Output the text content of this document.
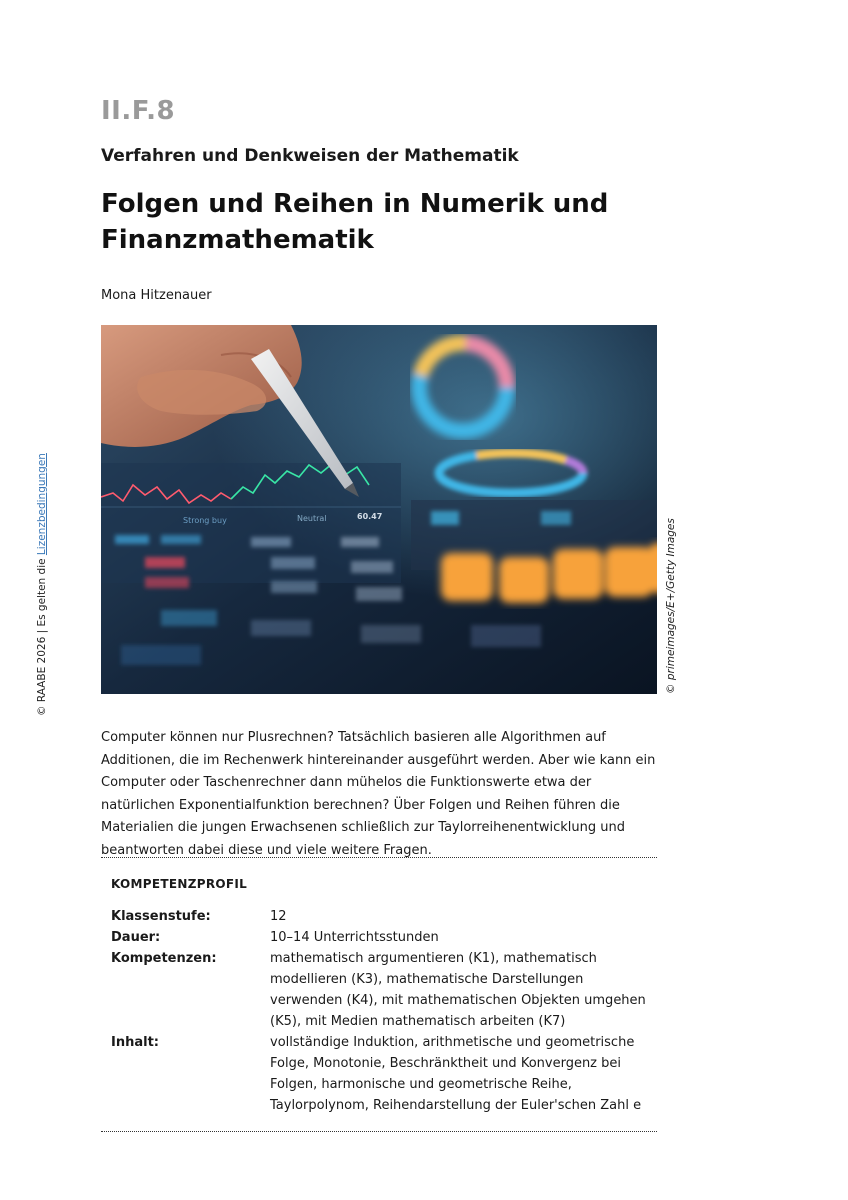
II.F.8
Verfahren und Denkweisen der Mathematik
Folgen und Reihen in Numerik und
Finanzmathematik
Mona Hitzenauer
Strong buy	Neutral	60.47
© primeimages/E+/Getty Images
© RAABE 2026 | Es gelten die Lizenzbedingungen
Computer können nur Plusrechnen? Tatsächlich basieren alle Algorithmen auf Additionen, die im Rechenwerk hintereinander ausgeführt werden. Aber wie kann ein Computer oder Taschenrechner dann mühelos die Funktionswerte etwa der natürlichen Exponentialfunktion berechnen? Über Folgen und Reihen führen die Materialien die jungen Erwachsenen schließlich zur Taylorreihenentwicklung und beantworten dabei diese und viele weitere Fragen.
KOMPETENZPROFIL
Klassenstufe:	12
Dauer:	10–14 Unterrichtsstunden
Kompetenzen:	mathematisch argumentieren (K1), mathematisch modellieren (K3), mathematische Darstellungen verwenden (K4), mit mathematischen Objekten umgehen (K5), mit Medien mathematisch arbeiten (K7)
Inhalt:	vollständige Induktion, arithmetische und geometrische Folge, Monotonie, Beschränktheit und Konvergenz bei Folgen, harmonische und geometrische Reihe, Taylorpolynom, Reihendarstellung der Euler'schen Zahl e
